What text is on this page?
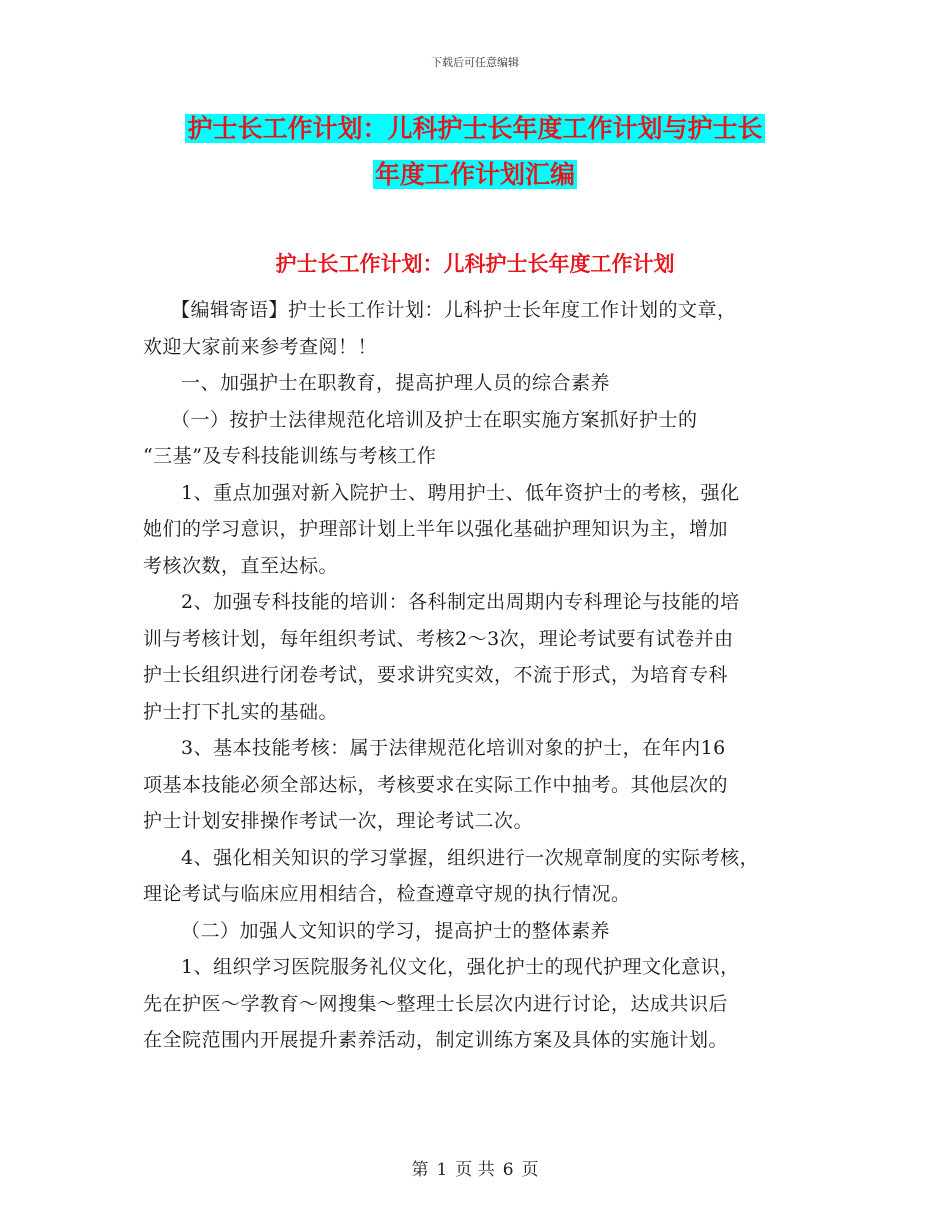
下载后可任意编辑
护士长工作计划：儿科护士长年度工作计划与护士长
年度工作计划汇编
护士长工作计划：儿科护士长年度工作计划
【编辑寄语】护士长工作计划：儿科护士长年度工作计划的文章，
欢迎大家前来参考查阅！！
一、加强护士在职教育，提高护理人员的综合素养
（一）按护士法律规范化培训及护士在职实施方案抓好护士的
“三基”及专科技能训练与考核工作
1、重点加强对新入院护士、聘用护士、低年资护士的考核，强化
她们的学习意识，护理部计划上半年以强化基础护理知识为主，增加
考核次数，直至达标。
2、加强专科技能的培训：各科制定出周期内专科理论与技能的培
训与考核计划，每年组织考试、考核2～3次，理论考试要有试卷并由
护士长组织进行闭卷考试，要求讲究实效，不流于形式，为培育专科
护士打下扎实的基础。
3、基本技能考核：属于法律规范化培训对象的护士，在年内16
项基本技能必须全部达标，考核要求在实际工作中抽考。其他层次的
护士计划安排操作考试一次，理论考试二次。
4、强化相关知识的学习掌握，组织进行一次规章制度的实际考核，
理论考试与临床应用相结合，检查遵章守规的执行情况。
（二）加强人文知识的学习，提高护士的整体素养
1、组织学习医院服务礼仪文化，强化护士的现代护理文化意识，
先在护医～学教育～网搜集～整理士长层次内进行讨论，达成共识后
在全院范围内开展提升素养活动，制定训练方案及具体的实施计划。
第 1 页 共 6 页
